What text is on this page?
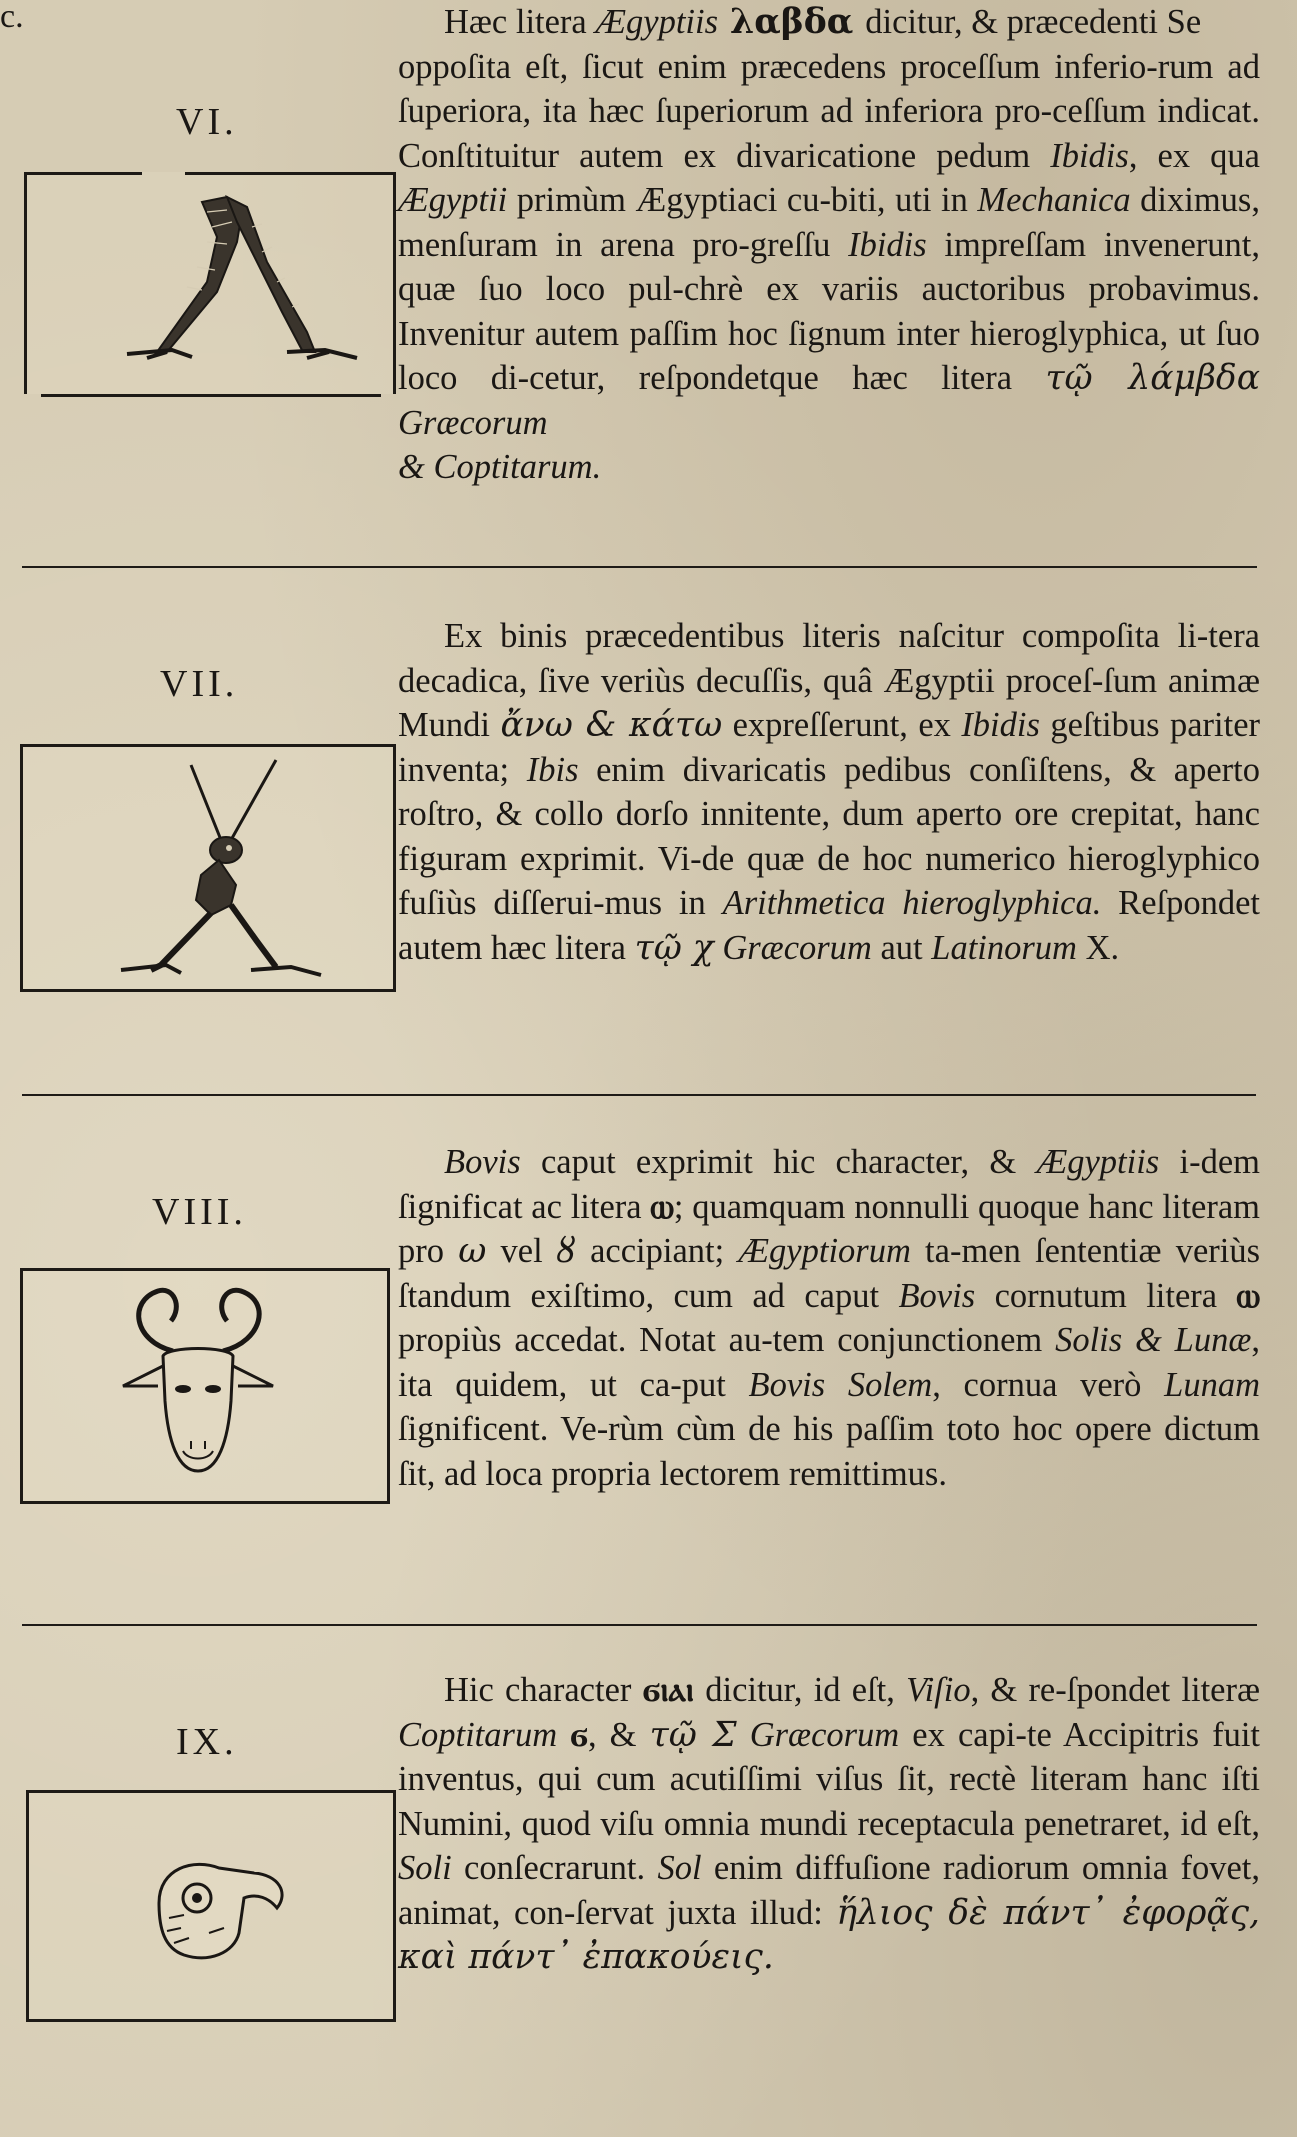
c.
VI.

Hæc litera Ægyptiis λαβδα dicitur, & præcedenti Se
oppoſita eſt, ſicut enim præcedens proceſſum inferio-rum ad ſuperiora, ita hæc ſuperiorum ad inferiora pro-ceſſum indicat. Conſtituitur autem ex divaricatione pedum Ibidis, ex qua Ægyptii primùm Ægyptiaci cu-biti, uti in Mechanica diximus, menſuram in arena pro-greſſu Ibidis impreſſam invenerunt, quæ ſuo loco pul-chrè ex variis auctoribus probavimus. Invenitur autem paſſim hoc ſignum inter hieroglyphica, ut ſuo loco di-cetur, reſpondetque hæc litera τῷ λάμβδα Græcorum
& Coptitarum.

VII.

Ex binis præcedentibus literis naſcitur compoſita li-tera decadica, ſive veriùs decuſſis, quâ Ægyptii proceſ-ſum animæ Mundi ἄνω & κάτω expreſſerunt, ex Ibidis geſtibus pariter inventa; Ibis enim divaricatis pedibus conſiſtens, & aperto roſtro, & collo dorſo innitente, dum aperto ore crepitat, hanc figuram exprimit. Vi-de quæ de hoc numerico hieroglyphico fuſiùs diſſerui-mus in Arithmetica hieroglyphica. Reſpondet autem hæc litera τῷ χ Græcorum aut Latinorum X.

VIII.

Bovis caput exprimit hic character, & Ægyptiis i-dem ſignificat ac litera ⲱ; quamquam nonnulli quoque hanc literam pro ω vel ȣ accipiant; Ægyptiorum ta-men ſententiæ veriùs ſtandum exiſtimo, cum ad caput Bovis cornutum litera ⲱ propiùs accedat. Notat au-tem conjunctionem Solis & Lunæ, ita quidem, ut ca-put Bovis Solem, cornua verò Lunam ſignificent. Ve-rùm cùm de his paſſim toto hoc opere dictum ſit, ad loca propria lectorem remittimus.

IX.

Hic character ϭⲓⲁⲓ dicitur, id eſt, Viſio, & re-ſpondet literæ Coptitarum ϭ, & τῷ Σ Græcorum ex capi-te Accipitris fuit inventus, qui cum acutiſſimi viſus ſit, rectè literam hanc iſti Numini, quod viſu omnia mundi receptacula penetraret, id eſt, Soli conſecrarunt. Sol enim diffuſione radiorum omnia fovet, animat, con-ſervat juxta illud: ἥλιος δὲ πάντ᾽ ἐφορᾷς, καὶ πάντ᾽ ἐπακούεις.
